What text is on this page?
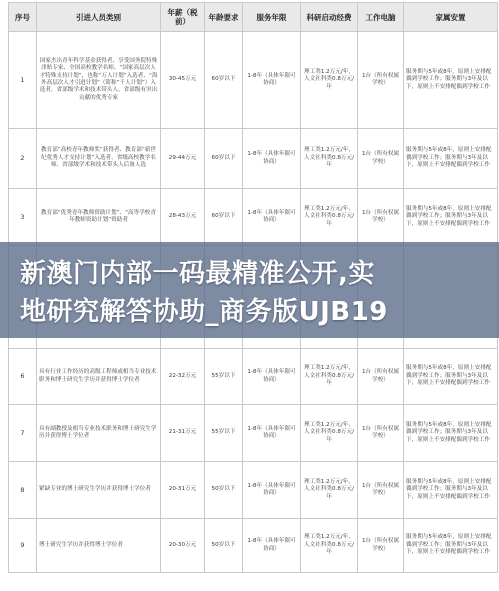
序号	引进人员类别	年薪（税前）	年龄要求	服务年限	科研启动经费	工作电脑	家属安置
1	国家杰出青年科学基金获得者、享受国务院特殊津贴专家、全国高校教学名师、“国家高层次人才特殊支持计划”，也称“万人计划”入选者、“海外高层次人才引进计划”（简称“千人计划”）入选者，省部级学术和技术带头人、省部级有突出贡献的优秀专家	30-45万元	60岁以下	1-8年（具体年限可协商）	理工类1.2万元/年，人文社科类0.8万元/年	1台（所有权属学校）	服务期与5年或8年，原则上安排配偶到学校工作；服务期与3年及以下，原则上不安排配偶到学校工作
2	教育部“高校青年教师奖”获得者、教育部“新世纪优秀人才支持计划”入选者、省级高校教学名师、省部级学术和技术带头人后备人选	29-44万元	60岁以下	1-8年（具体年限可协商）	理工类1.2万元/年，人文社科类0.8万元/年	1台（所有权属学校）	服务期与5年或8年，原则上安排配偶到学校工作；服务期与3年及以下，原则上不安排配偶到学校工作
3	教育部“优秀青年教师资助计划”、“高等学校青年教师资助计划”资助者	28-43万元	60岁以下	1-8年（具体年限可协商）	理工类1.2万元/年，人文社科类0.8万元/年	1台（所有权属学校）	服务期与5年或8年，原则上安排配偶到学校工作；服务期与3年及以下，原则上不安排配偶到学校工作

6	具有行业工作经历的高级工程师或相当专业技术职务和博士研究生学历并获得博士学位者	22-32万元	55岁以下	1-8年（具体年限可协商）	理工类1.2万元/年，人文社科类0.8万元/年	1台（所有权属学校）	服务期与5年或8年，原则上安排配偶到学校工作；服务期与3年及以下，原则上不安排配偶到学校工作
7	具有副教授及相当专业技术职务和博士研究生学历并获得博士学位者	21-31万元	55岁以下	1-8年（具体年限可协商）	理工类1.2万元/年，人文社科类0.8万元/年	1台（所有权属学校）	服务期与5年或8年，原则上安排配偶到学校工作；服务期与3年及以下，原则上不安排配偶到学校工作
8	紧缺专业的博士研究生学历并获得博士学位者	20-31万元	50岁以下	1-8年（具体年限可协商）	理工类1.2万元/年，人文社科类0.8万元/年	1台（所有权属学校）	服务期与5年或8年，原则上安排配偶到学校工作；服务期与3年及以下，原则上不安排配偶到学校工作
9	博士研究生学历并获得博士学位者	20-30万元	50岁以下	1-8年（具体年限可协商）	理工类1.2万元/年，人文社科类0.8万元/年	1台（所有权属学校）	服务期与5年或8年，原则上安排配偶到学校工作；服务期与3年及以下，原则上不安排配偶到学校工作
新澳门内部一码最精准公开,实
地研究解答协助_商务版UJB19
